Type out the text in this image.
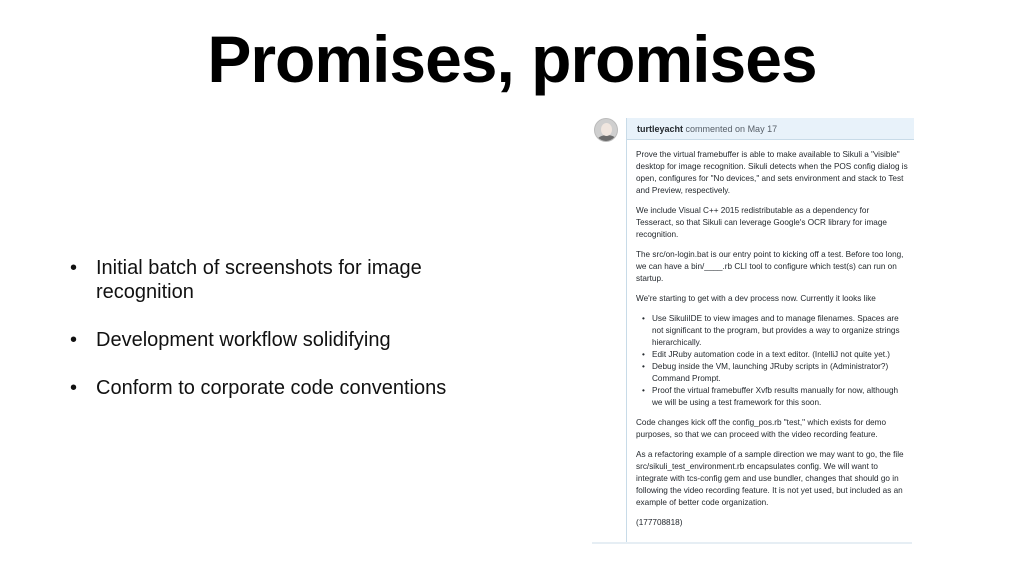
Promises, promises
• Initial batch of screenshots for image recognition
• Development workflow solidifying
• Conform to corporate code conventions
turtleyacht commented on May 17

Prove the virtual framebuffer is able to make available to Sikuli a "visible" desktop for image recognition. Sikuli detects when the POS config dialog is open, configures for "No devices," and sets environment and stack to Test and Preview, respectively.

We include Visual C++ 2015 redistributable as a dependency for Tesseract, so that Sikuli can leverage Google's OCR library for image recognition.

The src/on-login.bat is our entry point to kicking off a test. Before too long, we can have a bin/____.rb CLI tool to configure which test(s) can run on startup.

We're starting to get with a dev process now. Currently it looks like

• Use SikuliIDE to view images and to manage filenames. Spaces are not significant to the program, but provides a way to organize strings hierarchically.
• Edit JRuby automation code in a text editor. (IntelliJ not quite yet.)
• Debug inside the VM, launching JRuby scripts in (Administrator?) Command Prompt.
• Proof the virtual framebuffer Xvfb results manually for now, although we will be using a test framework for this soon.

Code changes kick off the config_pos.rb "test," which exists for demo purposes, so that we can proceed with the video recording feature.

As a refactoring example of a sample direction we may want to go, the file src/sikuli_test_environment.rb encapsulates config. We will want to integrate with tcs-config gem and use bundler, changes that should go in following the video recording feature. It is not yet used, but included as an example of better code organization.

(177708818)
